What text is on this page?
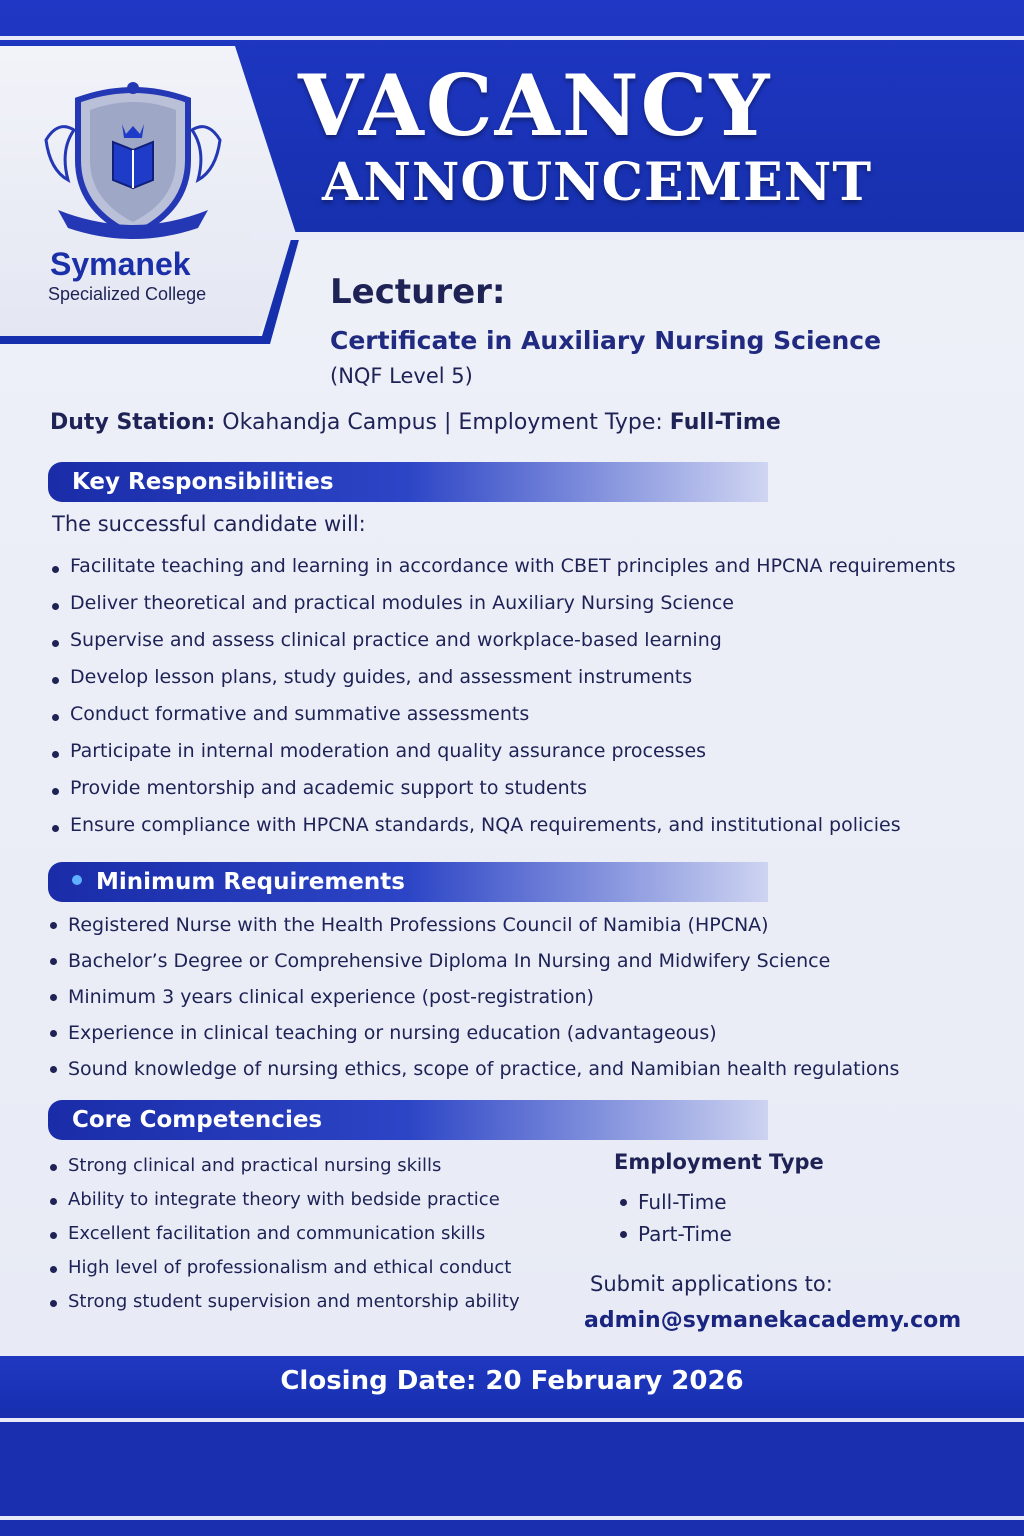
Symanek
Specialized College
VACANCY
ANNOUNCEMENT
Lecturer:
Certificate in Auxiliary Nursing Science
(NQF Level 5)
Duty Station: Okahandja Campus | Employment Type: Full-Time
Key Responsibilities
The successful candidate will:
Facilitate teaching and learning in accordance with CBET principles and HPCNA requirements
Deliver theoretical and practical modules in Auxiliary Nursing Science
Supervise and assess clinical practice and workplace-based learning
Develop lesson plans, study guides, and assessment instruments
Conduct formative and summative assessments
Participate in internal moderation and quality assurance processes
Provide mentorship and academic support to students
Ensure compliance with HPCNA standards, NQA requirements, and institutional policies
Minimum Requirements
Registered Nurse with the Health Professions Council of Namibia (HPCNA)
Bachelor’s Degree or Comprehensive Diploma In Nursing and Midwifery Science
Minimum 3 years clinical experience (post-registration)
Experience in clinical teaching or nursing education (advantageous)
Sound knowledge of nursing ethics, scope of practice, and Namibian health regulations
Core Competencies
Strong clinical and practical nursing skills
Ability to integrate theory with bedside practice
Excellent facilitation and communication skills
High level of professionalism and ethical conduct
Strong student supervision and mentorship ability
Employment Type
Full-Time
Part-Time
Submit applications to:
admin@symanekacademy.com
Closing Date: 20 February 2026
